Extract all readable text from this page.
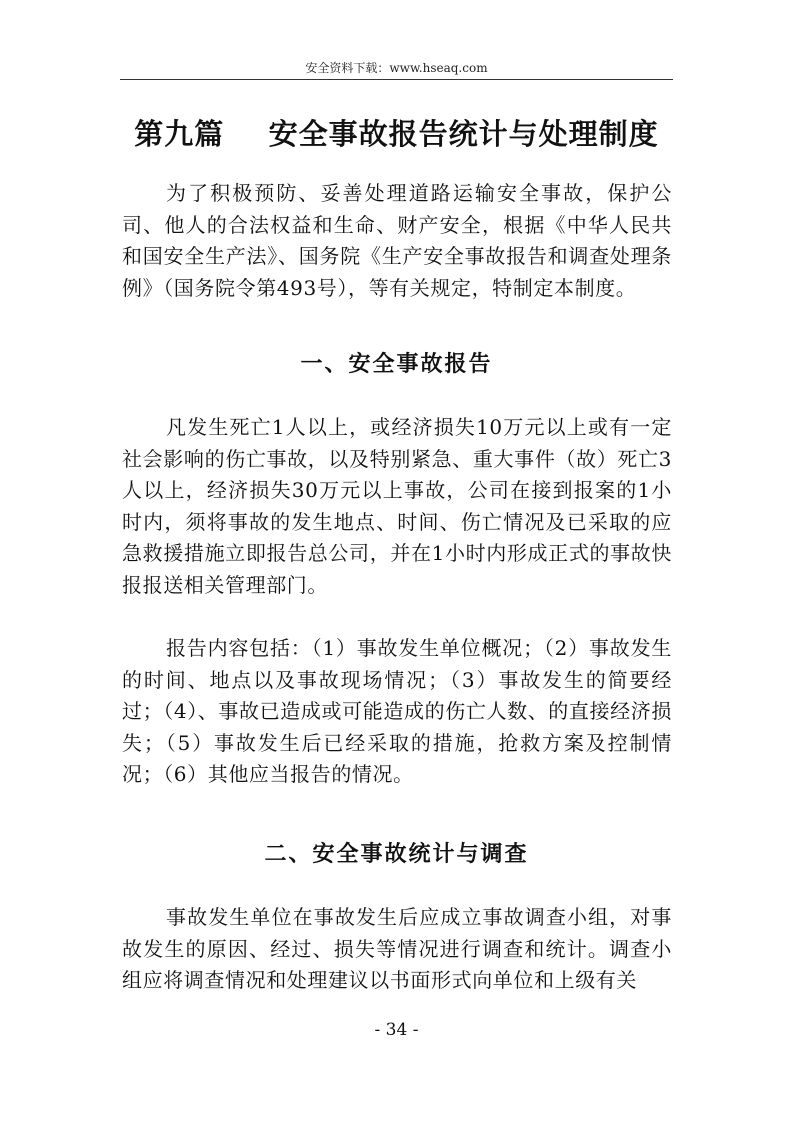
安全资料下载：www.hseaq.com
第九篇    安全事故报告统计与处理制度

为了积极预防、妥善处理道路运输安全事故，保护公司、他人的合法权益和生命、财产安全，根据《中华人民共和国安全生产法》、国务院《生产安全事故报告和调查处理条例》（国务院令第493号），等有关规定，特制定本制度。

一、安全事故报告

凡发生死亡1人以上，或经济损失10万元以上或有一定社会影响的伤亡事故，以及特别紧急、重大事件（故）死亡3人以上，经济损失30万元以上事故，公司在接到报案的1小时内，须将事故的发生地点、时间、伤亡情况及已采取的应急救援措施立即报告总公司，并在1小时内形成正式的事故快报报送相关管理部门。

报告内容包括：（1）事故发生单位概况；（2）事故发生的时间、地点以及事故现场情况；（3）事故发生的简要经过；（4）、事故已造成或可能造成的伤亡人数、的直接经济损失；（5）事故发生后已经采取的措施，抢救方案及控制情况；（6）其他应当报告的情况。

二、安全事故统计与调查

事故发生单位在事故发生后应成立事故调查小组，对事故发生的原因、经过、损失等情况进行调查和统计。调查小组应将调查情况和处理建议以书面形式向单位和上级有关

- 34 -
